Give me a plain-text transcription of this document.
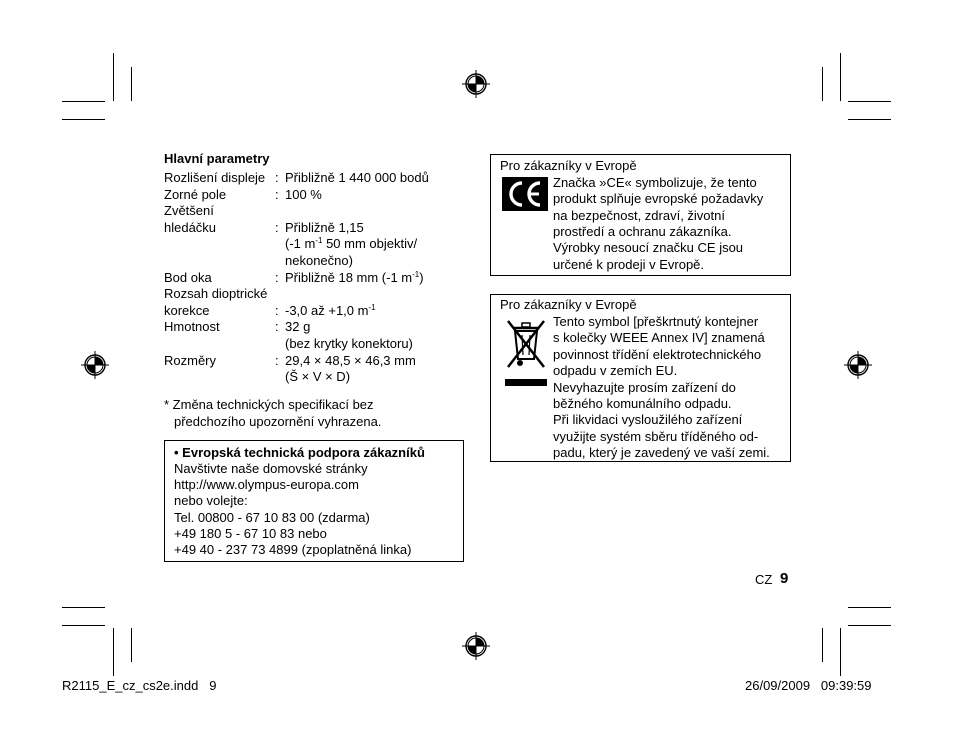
Hlavní parametry
Rozlišení displeje : Přibližně 1 440 000 bodů
Zorné pole	: 100 %
Zvětšení
hledáčku	: Přibližně 1,15
(-1 $m^{-1}$ 50 mm objektiv/
nekonečno)
Bod oka	: Přibližně 18 mm (-1 $m^{-1}$)
Rozsah dioptrické
korekce	: -3,0 až +1,0 $m^{-1}$
Hmotnost	: 32 g
(bez krytky konektoru)
Rozměry	: 29,4 × 48,5 × 46,3 mm
(Š × V × D)
* Změna technických specifikací bez
předchozího upozornění vyhrazena.
• Evropská technická podpora zákazníků
Navštivte naše domovské stránky
http://www.olympus-europa.com
nebo volejte:
Tel. 00800 - 67 10 83 00 (zdarma)
+49 180 5 - 67 10 83 nebo
+49 40 - 237 73 4899 (zpoplatněná linka)
Pro zákazníky v Evropě
Značka »CE« symbolizuje, že tento
produkt splňuje evropské požadavky
na bezpečnost, zdraví, životní
prostředí a ochranu zákazníka.
Výrobky nesoucí značku CE jsou
určené k prodeji v Evropě.
Pro zákazníky v Evropě
Tento symbol [přeškrtnutý kontejner
s kolečky WEEE Annex IV] znamená
povinnost třídění elektrotechnického
odpadu v zemích EU.
Nevyhazujte prosím zařízení do
běžného komunálního odpadu.
Při likvidaci vysloužilého zařízení
využijte systém sběru tříděného od-
padu, který je zavedený ve vaší zemi.
CZ 9
R2115_E_cz_cs2e.indd   9	26/09/2009   09:39:59
